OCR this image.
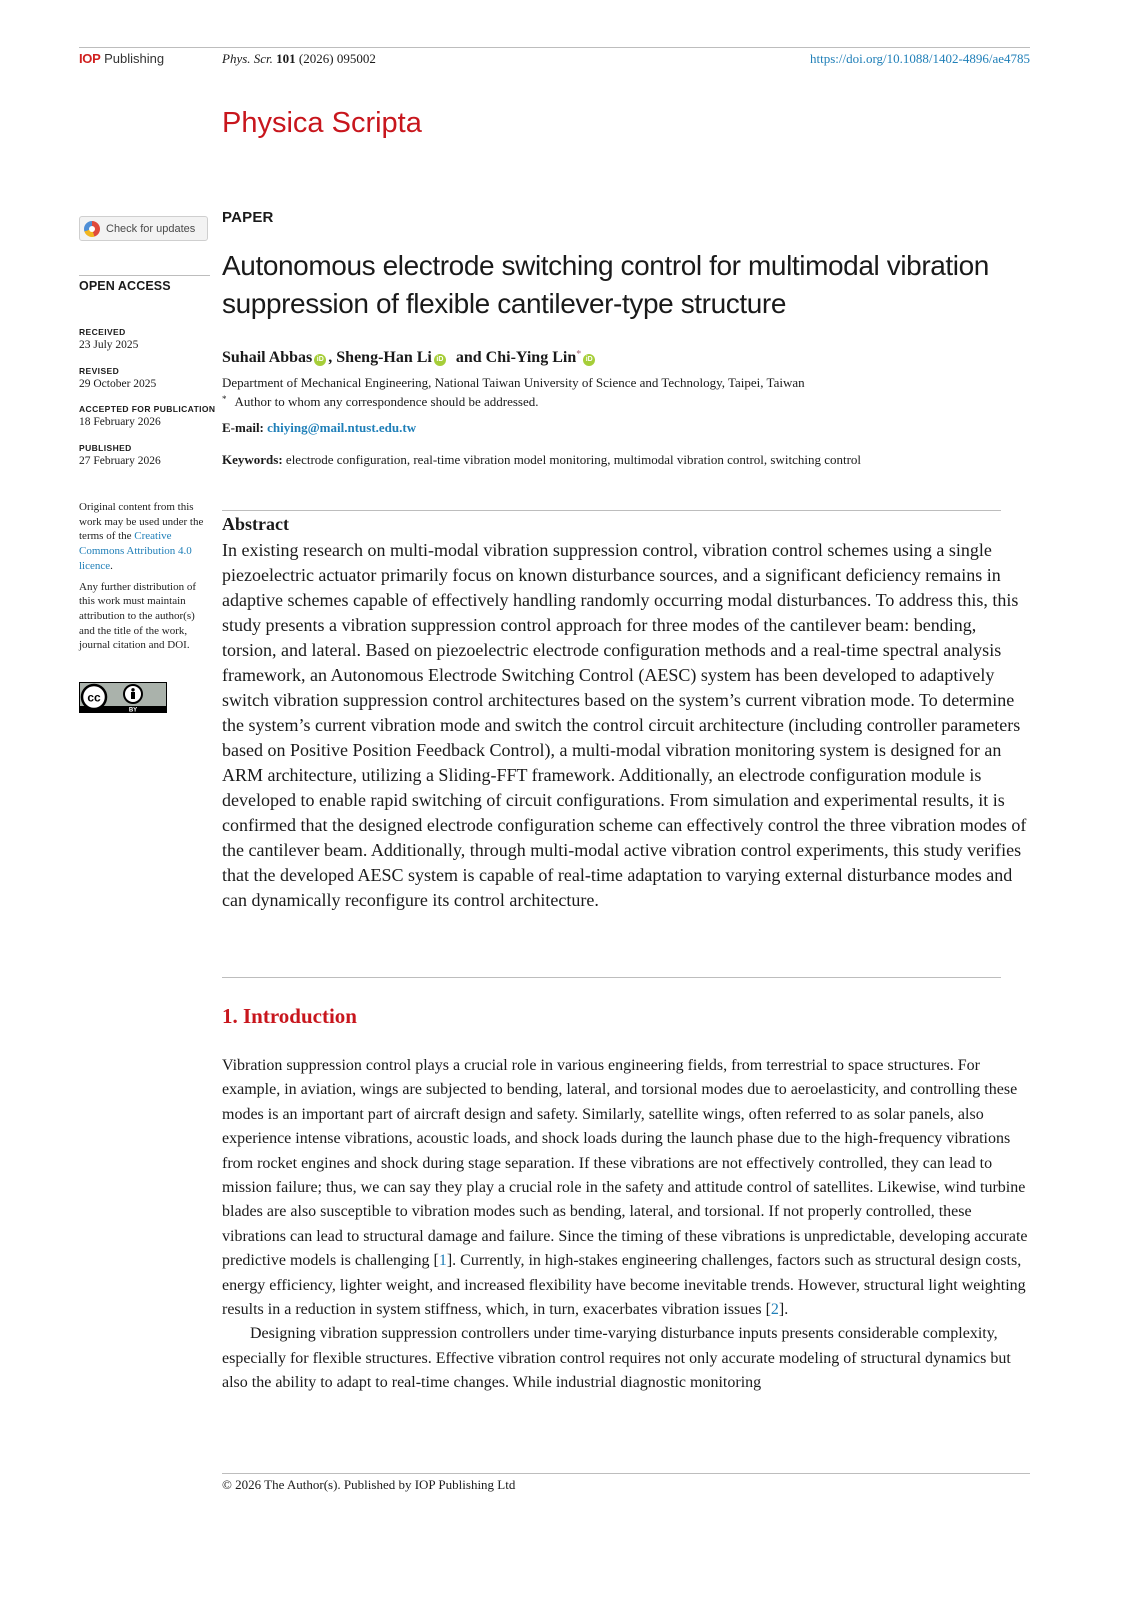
IOP Publishing	Phys. Scr. 101 (2026) 095002	https://doi.org/10.1088/1402-4896/ae4785
Physica Scripta
Check for updates
OPEN ACCESS
RECEIVED
23 July 2025
REVISED
29 October 2025
ACCEPTED FOR PUBLICATION
18 February 2026
PUBLISHED
27 February 2026

Original content from this work may be used under the terms of the Creative Commons Attribution 4.0 licence.

Any further distribution of this work must maintain attribution to the author(s) and the title of the work, journal citation and DOI.

cc
BY
PAPER
Autonomous electrode switching control for multimodal vibration
suppression of flexible cantilever-type structure
Suhail Abbas iD , Sheng-Han Li iD and Chi-Ying Lin* iD
Department of Mechanical Engineering, National Taiwan University of Science and Technology, Taipei, Taiwan
* Author to whom any correspondence should be addressed.
E-mail: chiying@mail.ntust.edu.tw
Keywords: electrode configuration, real-time vibration model monitoring, multimodal vibration control, switching control
Abstract

In existing research on multi-modal vibration suppression control, vibration control schemes using a single piezoelectric actuator primarily focus on known disturbance sources, and a significant deficiency remains in adaptive schemes capable of effectively handling randomly occurring modal disturbances. To address this, this study presents a vibration suppression control approach for three modes of the cantilever beam: bending, torsion, and lateral. Based on piezoelectric electrode configuration methods and a real-time spectral analysis framework, an Autonomous Electrode Switching Control (AESC) system has been developed to adaptively switch vibration suppression control architectures based on the system’s current vibration mode. To determine the system’s current vibration mode and switch the control circuit architecture (including controller parameters based on Positive Position Feedback Control), a multi-modal vibration monitoring system is designed for an ARM architecture, utilizing a Sliding-FFT framework. Additionally, an electrode configuration module is developed to enable rapid switching of circuit configurations. From simulation and experimental results, it is confirmed that the designed electrode configuration scheme can effectively control the three vibration modes of the cantilever beam. Additionally, through multi-modal active vibration control experiments, this study verifies that the developed AESC system is capable of real-time adaptation to varying external disturbance modes and can dynamically reconfigure its control architecture.

1. Introduction

Vibration suppression control plays a crucial role in various engineering fields, from terrestrial to space structures. For example, in aviation, wings are subjected to bending, lateral, and torsional modes due to aeroelasticity, and controlling these modes is an important part of aircraft design and safety. Similarly, satellite wings, often referred to as solar panels, also experience intense vibrations, acoustic loads, and shock loads during the launch phase due to the high-frequency vibrations from rocket engines and shock during stage separation. If these vibrations are not effectively controlled, they can lead to mission failure; thus, we can say they play a crucial role in the safety and attitude control of satellites. Likewise, wind turbine blades are also susceptible to vibration modes such as bending, lateral, and torsional. If not properly controlled, these vibrations can lead to structural damage and failure. Since the timing of these vibrations is unpredictable, developing accurate predictive models is challenging [1]. Currently, in high-stakes engineering challenges, factors such as structural design costs, energy efficiency, lighter weight, and increased flexibility have become inevitable trends. However, structural light weighting results in a reduction in system stiffness, which, in turn, exacerbates vibration issues [2].

Designing vibration suppression controllers under time-varying disturbance inputs presents considerable complexity, especially for flexible structures. Effective vibration control requires not only accurate modeling of structural dynamics but also the ability to adapt to real-time changes. While industrial diagnostic monitoring

© 2026 The Author(s). Published by IOP Publishing Ltd
